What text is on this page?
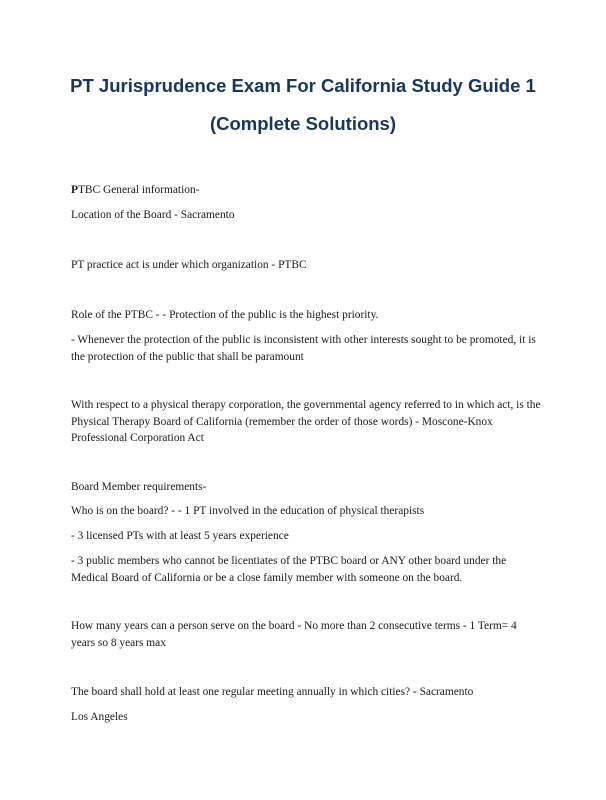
PT Jurisprudence Exam For California Study Guide 1
(Complete Solutions)

PTBC General information-

Location of the Board - Sacramento

PT practice act is under which organization - PTBC

Role of the PTBC - - Protection of the public is the highest priority.

- Whenever the protection of the public is inconsistent with other interests sought to be promoted, it is the protection of the public that shall be paramount

With respect to a physical therapy corporation, the governmental agency referred to in which act, is the Physical Therapy Board of California (remember the order of those words) - Moscone-Knox Professional Corporation Act

Board Member requirements-

Who is on the board? - - 1 PT involved in the education of physical therapists

- 3 licensed PTs with at least 5 years experience

- 3 public members who cannot be licentiates of the PTBC board or ANY other board under the Medical Board of California or be a close family member with someone on the board.

How many years can a person serve on the board - No more than 2 consecutive terms - 1 Term= 4 years so 8 years max

The board shall hold at least one regular meeting annually in which cities? - Sacramento

Los Angeles
